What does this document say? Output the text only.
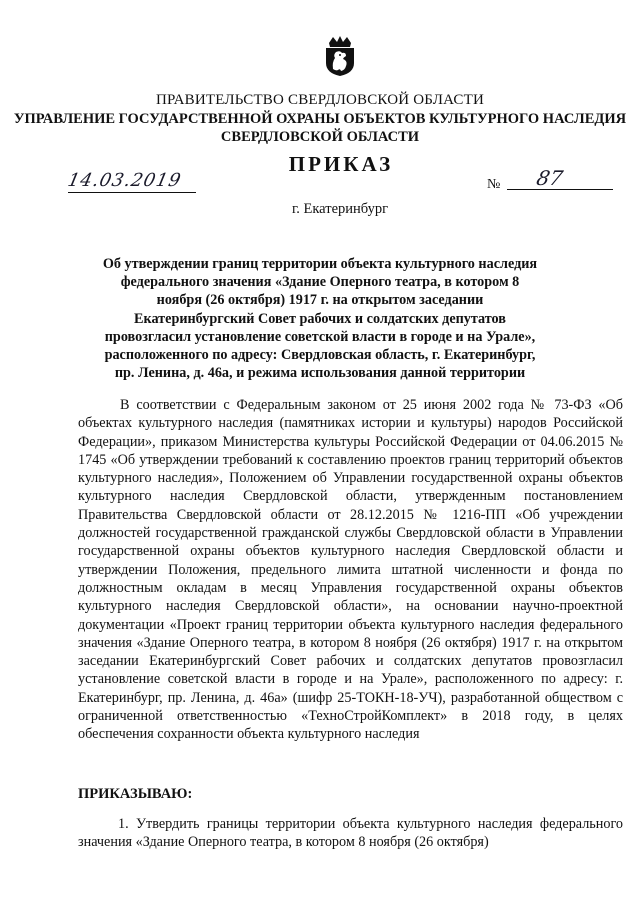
ПРАВИТЕЛЬСТВО СВЕРДЛОВСКОЙ ОБЛАСТИ
УПРАВЛЕНИЕ ГОСУДАРСТВЕННОЙ ОХРАНЫ ОБЪЕКТОВ КУЛЬТУРНОГО НАСЛЕДИЯ
СВЕРДЛОВСКОЙ ОБЛАСТИ
ПРИКАЗ
14.03.2019	№ 87
г. Екатеринбург

Об утверждении границ территории объекта культурного наследия федерального значения «Здание Оперного театра, в котором 8 ноября (26 октября) 1917 г. на открытом заседании Екатеринбургский Совет рабочих и солдатских депутатов провозгласил установление советской власти в городе и на Урале», расположенного по адресу: Свердловская область, г. Екатеринбург, пр. Ленина, д. 46а, и режима использования данной территории

В соответствии с Федеральным законом от 25 июня 2002 года № 73-ФЗ «Об объектах культурного наследия (памятниках истории и культуры) народов Российской Федерации», приказом Министерства культуры Российской Федерации от 04.06.2015 № 1745 «Об утверждении требований к составлению проектов границ территорий объектов культурного наследия», Положением об Управлении государственной охраны объектов культурного наследия Свердловской области, утвержденным постановлением Правительства Свердловской области от 28.12.2015 № 1216-ПП «Об учреждении должностей государственной гражданской службы Свердловской области в Управлении государственной охраны объектов культурного наследия Свердловской области и утверждении Положения, предельного лимита штатной численности и фонда по должностным окладам в месяц Управления государственной охраны объектов культурного наследия Свердловской области», на основании научно-проектной документации «Проект границ территории объекта культурного наследия федерального значения «Здание Оперного театра, в котором 8 ноября (26 октября) 1917 г. на открытом заседании Екатеринбургский Совет рабочих и солдатских депутатов провозгласил установление советской власти в городе и на Урале», расположенного по адресу: г. Екатеринбург, пр. Ленина, д. 46а» (шифр 25-ТОКН-18-УЧ), разработанной обществом с ограниченной ответственностью «ТехноСтройКомплект» в 2018 году, в целях обеспечения сохранности объекта культурного наследия

ПРИКАЗЫВАЮ:

1. Утвердить границы территории объекта культурного наследия федерального значения «Здание Оперного театра, в котором 8 ноября (26 октября)
